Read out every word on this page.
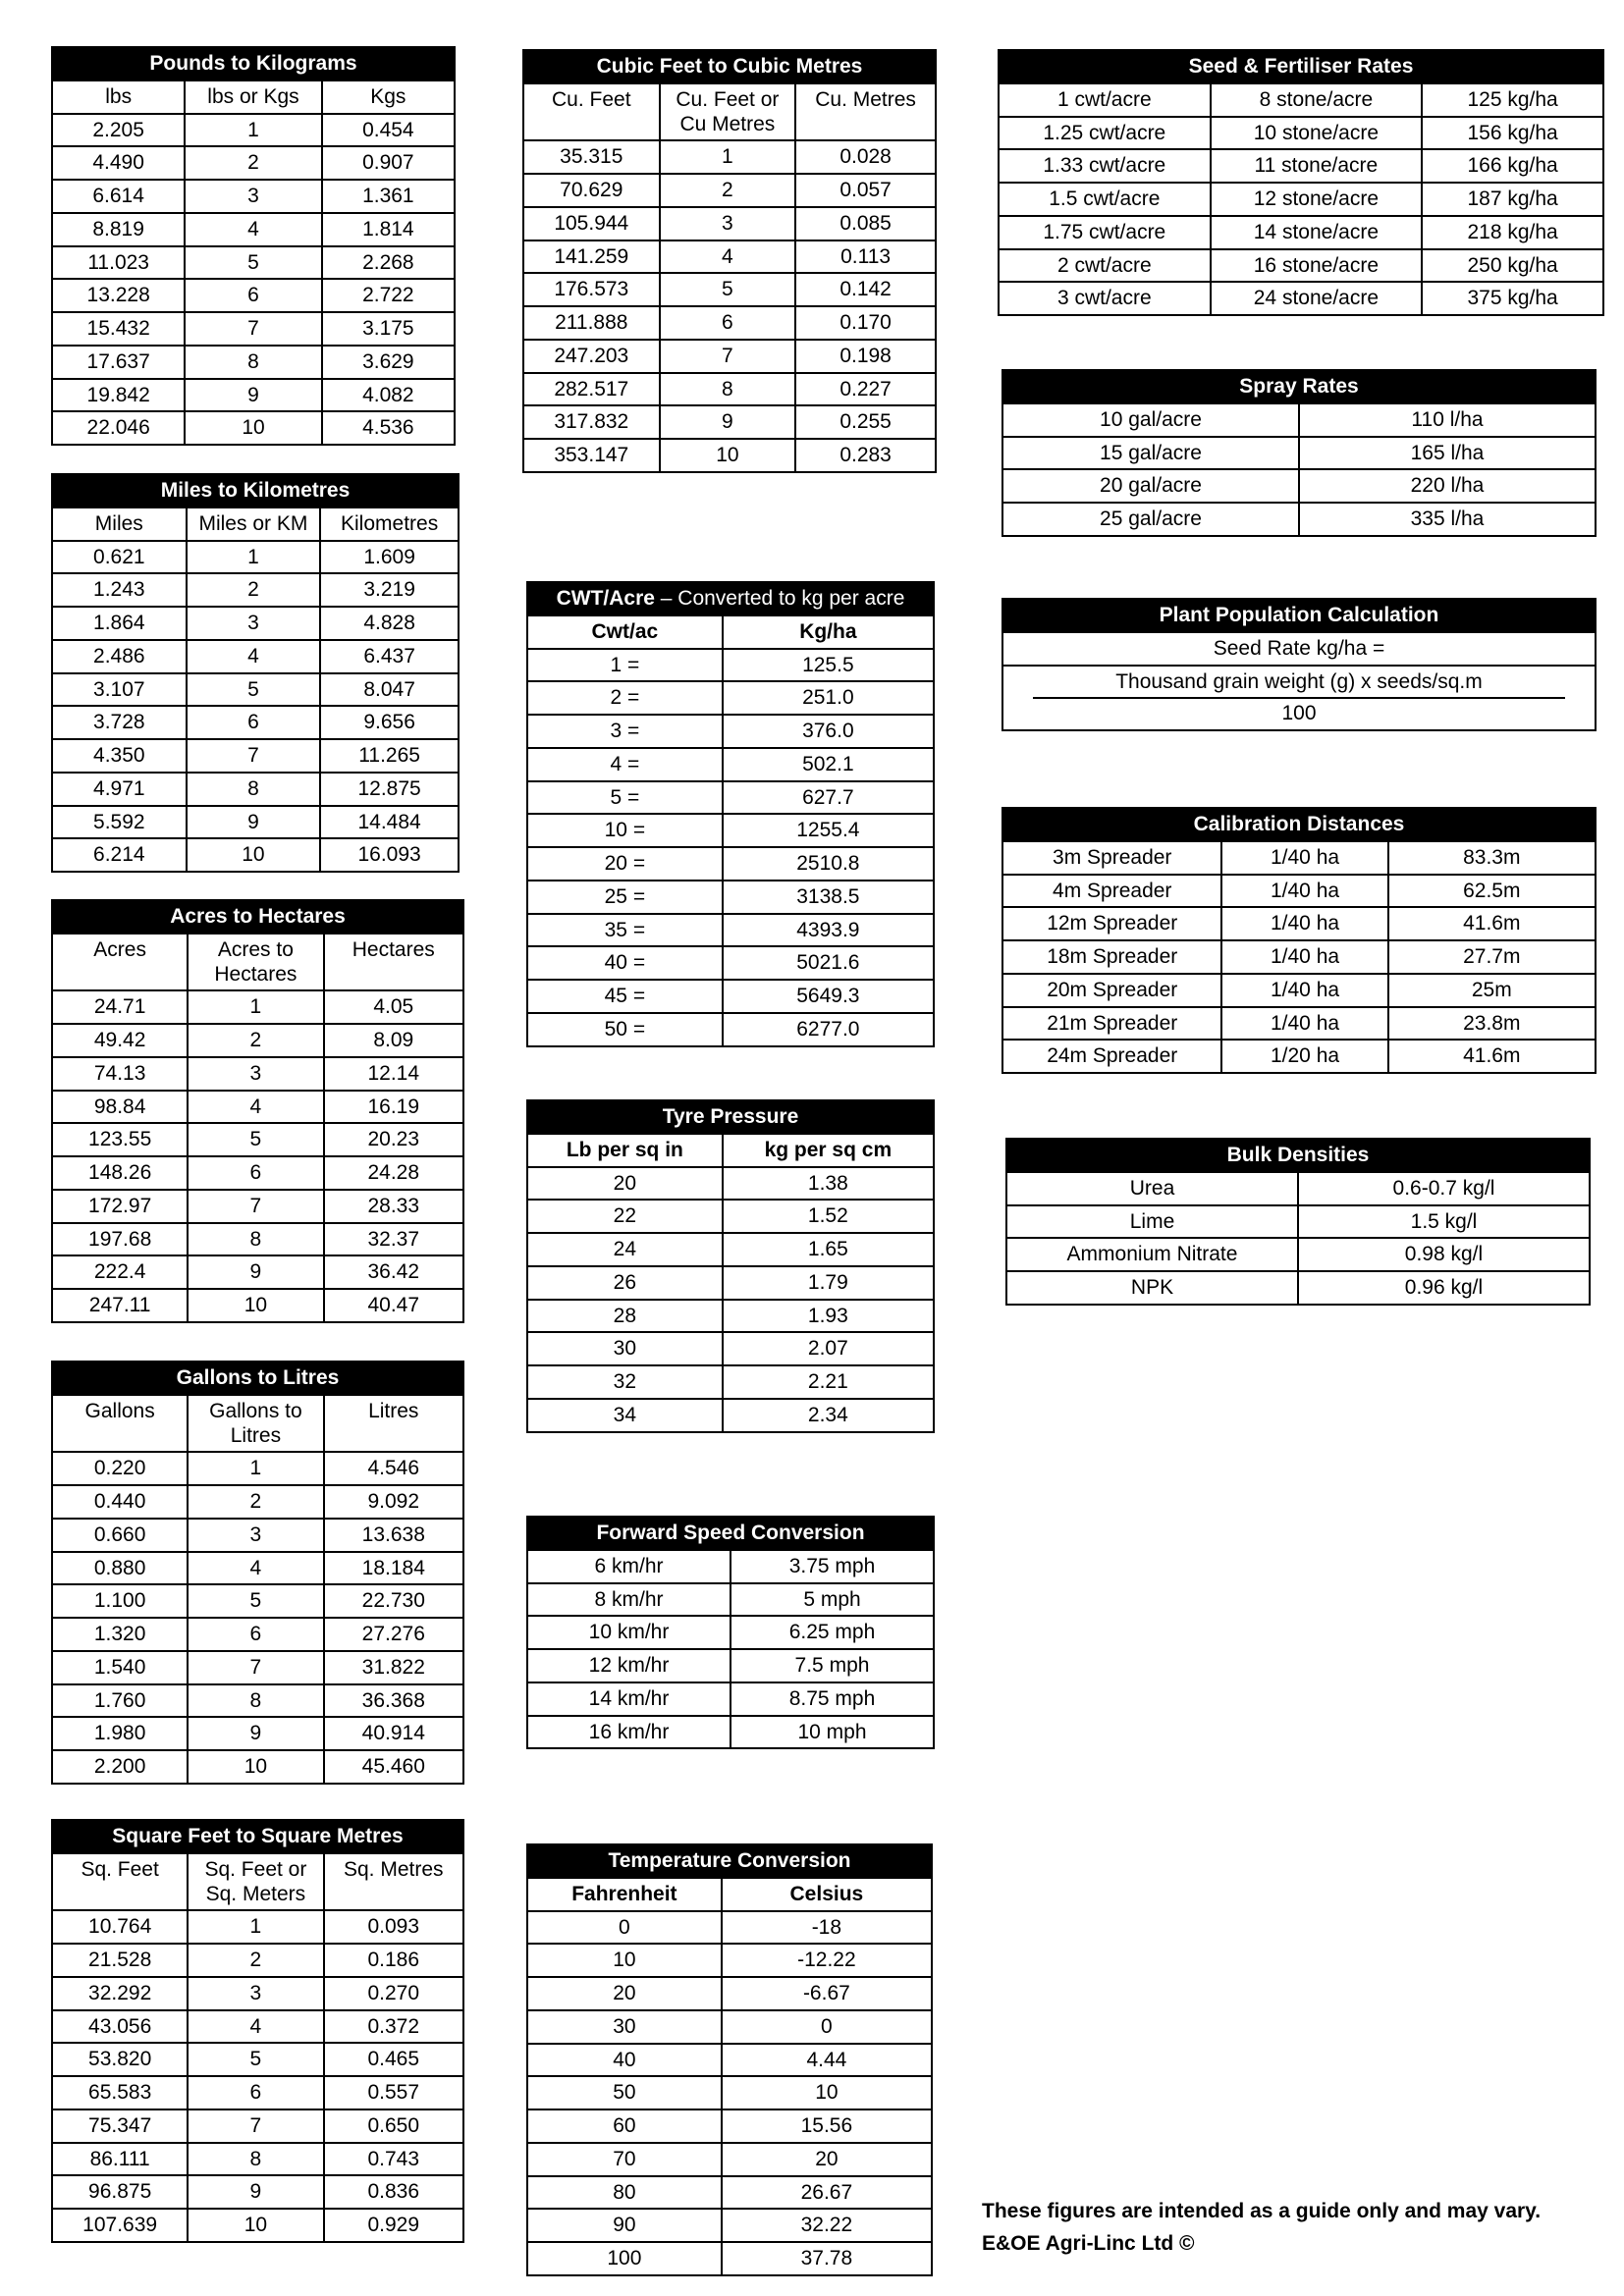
Pounds to Kilograms		
lbs	lbs or Kgs	Kgs
2.205	1	0.454
4.490	2	0.907
6.614	3	1.361
8.819	4	1.814
11.023	5	2.268
13.228	6	2.722
15.432	7	3.175
17.637	8	3.629
19.842	9	4.082
22.046	10	4.536
Miles to Kilometres		
Miles	Miles or KM	Kilometres
0.621	1	1.609
1.243	2	3.219
1.864	3	4.828
2.486	4	6.437
3.107	5	8.047
3.728	6	9.656
4.350	7	11.265
4.971	8	12.875
5.592	9	14.484
6.214	10	16.093
Acres to Hectares		
Acres	Acres to Hectares	Hectares
24.71	1	4.05
49.42	2	8.09
74.13	3	12.14
98.84	4	16.19
123.55	5	20.23
148.26	6	24.28
172.97	7	28.33
197.68	8	32.37
222.4	9	36.42
247.11	10	40.47
Gallons to Litres		
Gallons	Gallons to Litres	Litres
0.220	1	4.546
0.440	2	9.092
0.660	3	13.638
0.880	4	18.184
1.100	5	22.730
1.320	6	27.276
1.540	7	31.822
1.760	8	36.368
1.980	9	40.914
2.200	10	45.460
Square Feet to Square Metres		
Sq. Feet	Sq. Feet or Sq. Meters	Sq. Metres
10.764	1	0.093
21.528	2	0.186
32.292	3	0.270
43.056	4	0.372
53.820	5	0.465
65.583	6	0.557
75.347	7	0.650
86.111	8	0.743
96.875	9	0.836
107.639	10	0.929
Cubic Feet to Cubic Metres		
Cu. Feet	Cu. Feet or Cu Metres	Cu. Metres
35.315	1	0.028
70.629	2	0.057
105.944	3	0.085
141.259	4	0.113
176.573	5	0.142
211.888	6	0.170
247.203	7	0.198
282.517	8	0.227
317.832	9	0.255
353.147	10	0.283
CWT/Acre – Converted to kg per acre	
Cwt/ac	Kg/ha
1 =	125.5
2 =	251.0
3 =	376.0
4 =	502.1
5 =	627.7
10 =	1255.4
20 =	2510.8
25 =	3138.5
35 =	4393.9
40 =	5021.6
45 =	5649.3
50 =	6277.0
Tyre Pressure	
Lb per sq in	kg per sq cm
20	1.38
22	1.52
24	1.65
26	1.79
28	1.93
30	2.07
32	2.21
34	2.34
Forward Speed Conversion	
6 km/hr	3.75 mph
8 km/hr	5 mph
10 km/hr	6.25 mph
12 km/hr	7.5 mph
14 km/hr	8.75 mph
16 km/hr	10 mph
Temperature Conversion	
Fahrenheit	Celsius
0	-18
10	-12.22
20	-6.67
30	0
40	4.44
50	10
60	15.56
70	20
80	26.67
90	32.22
100	37.78
Seed & Fertiliser Rates		
1 cwt/acre	8 stone/acre	125 kg/ha
1.25 cwt/acre	10 stone/acre	156 kg/ha
1.33 cwt/acre	11 stone/acre	166 kg/ha
1.5 cwt/acre	12 stone/acre	187 kg/ha
1.75 cwt/acre	14 stone/acre	218 kg/ha
2 cwt/acre	16 stone/acre	250 kg/ha
3 cwt/acre	24 stone/acre	375 kg/ha
Spray Rates	
10 gal/acre	110 l/ha
15 gal/acre	165 l/ha
20 gal/acre	220 l/ha
25 gal/acre	335 l/ha
Plant Population Calculation
Seed Rate kg/ha =

Thousand grain weight (g) x seeds/sq.m
100
Calibration Distances		
3m Spreader	1/40 ha	83.3m
4m Spreader	1/40 ha	62.5m
12m Spreader	1/40 ha	41.6m
18m Spreader	1/40 ha	27.7m
20m Spreader	1/40 ha	25m
21m Spreader	1/40 ha	23.8m
24m Spreader	1/20 ha	41.6m
Bulk Densities	
Urea	0.6-0.7 kg/l
Lime	1.5 kg/l
Ammonium Nitrate	0.98 kg/l
NPK	0.96 kg/l
These figures are intended as a guide only and may vary.
E&OE Agri-Linc Ltd ©
